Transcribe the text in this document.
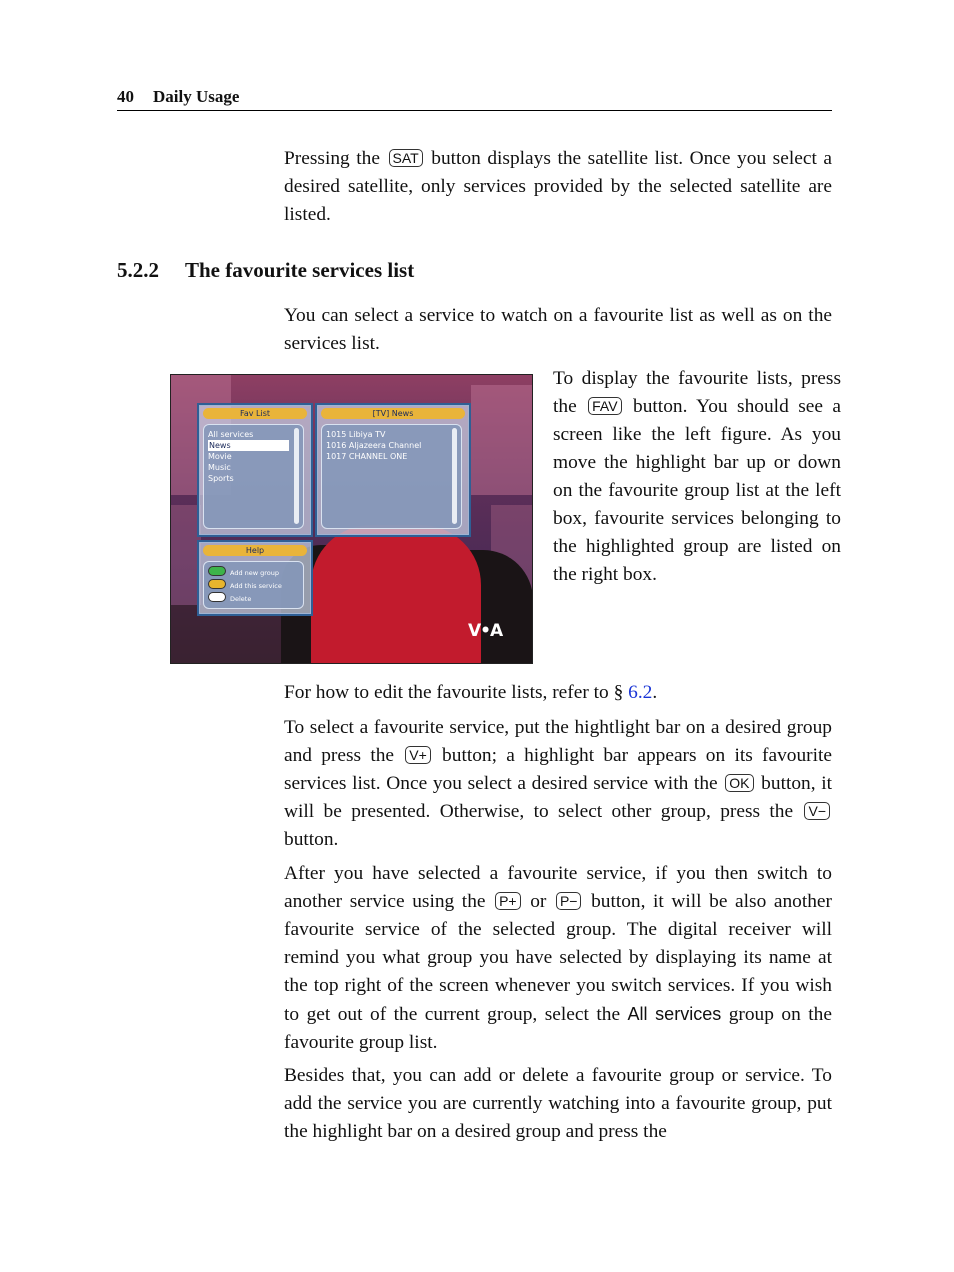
40 Daily Usage

Pressing the SAT button displays the satellite list. Once you select a desired satellite, only services provided by the selected satellite are listed.

5.2.2 The favourite services list

You can select a service to watch on a favourite list as well as on the services list.

To display the favourite lists, press the FAV button. You should see a screen like the left figure. As you move the highlight bar up or down on the favourite group list at the left box, favourite services belonging to the highlighted group are listed on the right box.

Fav List
All services
News
Movie
Music
Sports
[TV] News
1015 Libiya TV
1016 Aljazeera Channel
1017 CHANNEL ONE
Help
Add new group
Add this service
Delete
V•A

For how to edit the favourite lists, refer to § 6.2.

To select a favourite service, put the hightlight bar on a desired group and press the V+ button; a highlight bar appears on its favourite services list. Once you select a desired service with the OK button, it will be presented. Otherwise, to select other group, press the V− button.

After you have selected a favourite service, if you then switch to another service using the P+ or P− button, it will be also another favourite service of the selected group. The digital receiver will remind you what group you have selected by displaying its name at the top right of the screen whenever you switch services. If you wish to get out of the current group, select the All services group on the favourite group list.

Besides that, you can add or delete a favourite group or service. To add the service you are currently watching into a favourite group, put the highlight bar on a desired group and press the
